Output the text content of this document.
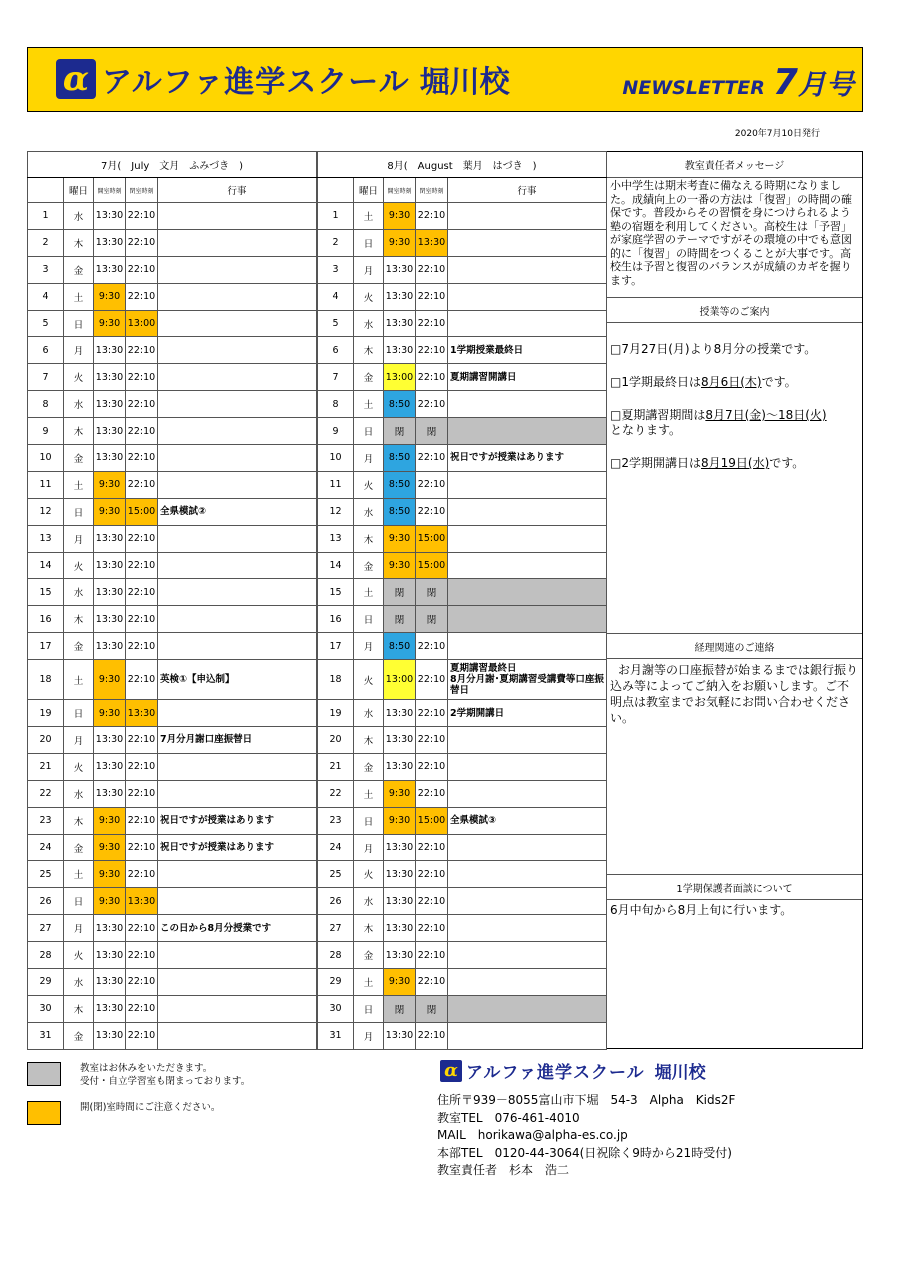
α アルファ進学スクール 堀川校	NEWSLETTER 7 月号
2020年7月10日発行
7月(　July　文月　ふみづき　)				
	曜日	開室時刻	閉室時刻	行事
1	水	13:30	22:10	
2	木	13:30	22:10	
3	金	13:30	22:10	
4	土	9:30	22:10	
5	日	9:30	13:00	
6	月	13:30	22:10	
7	火	13:30	22:10	
8	水	13:30	22:10	
9	木	13:30	22:10	
10	金	13:30	22:10	
11	土	9:30	22:10	
12	日	9:30	15:00	全県模試②
13	月	13:30	22:10	
14	火	13:30	22:10	
15	水	13:30	22:10	
16	木	13:30	22:10	
17	金	13:30	22:10	
18	土	9:30	22:10	英検①【申込制】
19	日	9:30	13:30	
20	月	13:30	22:10	7月分月謝口座振替日
21	火	13:30	22:10	
22	水	13:30	22:10	
23	木	9:30	22:10	祝日ですが授業はあります
24	金	9:30	22:10	祝日ですが授業はあります
25	土	9:30	22:10	
26	日	9:30	13:30	
27	月	13:30	22:10	この日から8月分授業です
28	火	13:30	22:10	
29	水	13:30	22:10	
30	木	13:30	22:10	
31	金	13:30	22:10	
8月(　August　葉月　はづき　)				
	曜日	開室時刻	閉室時刻	行事
1	土	9:30	22:10	
2	日	9:30	13:30	
3	月	13:30	22:10	
4	火	13:30	22:10	
5	水	13:30	22:10	
6	木	13:30	22:10	1学期授業最終日
7	金	13:00	22:10	夏期講習開講日
8	土	8:50	22:10	
9	日	閉	閉	
10	月	8:50	22:10	祝日ですが授業はあります
11	火	8:50	22:10	
12	水	8:50	22:10	
13	木	9:30	15:00	
14	金	9:30	15:00	
15	土	閉	閉	
16	日	閉	閉	
17	月	8:50	22:10	
18	火	13:00	22:10	夏期講習最終日
8月分月謝･夏期講習受講費等口座振替日
19	水	13:30	22:10	2学期開講日
20	木	13:30	22:10	
21	金	13:30	22:10	
22	土	9:30	22:10	
23	日	9:30	15:00	全県模試③
24	月	13:30	22:10	
25	火	13:30	22:10	
26	水	13:30	22:10	
27	木	13:30	22:10	
28	金	13:30	22:10	
29	土	9:30	22:10	
30	日	閉	閉	
31	月	13:30	22:10	
教室責任者メッセージ
小中学生は期末考査に備なえる時期になりました。成績向上の一番の方法は「復習」の時間の確保です。普段からその習慣を身につけられるよう塾の宿題を利用してください。高校生は「予習」が家庭学習のテーマですがその環境の中でも意図的に「復習」の時間をつくることが大事です。高校生は予習と復習のバランスが成績のカギを握ります。
授業等のご案内
□7月27日(月)より8月分の授業です。
□1学期最終日は8月6日(木)です。
□夏期講習期間は8月7日(金)～18日(火)
となります。
□2学期開講日は8月19日(水)です。
経理関連のご連絡
お月謝等の口座振替が始まるまでは銀行振り込み等によってご納入をお願いします。ご不明点は教室までお気軽にお問い合わせください。
1学期保護者面談について
6月中旬から8月上旬に行います。
教室はお休みをいただきます。
受付・自立学習室も閉まっております。
開(閉)室時間にご注意ください。
α アルファ進学スクール 堀川校
住所〒939－8055富山市下堀　54-3　Alpha　Kids2F
教室TEL　076-461-4010
MAIL　horikawa@alpha-es.co.jp
本部TEL　0120-44-3064(日祝除く9時から21時受付)
教室責任者　杉本　浩二
